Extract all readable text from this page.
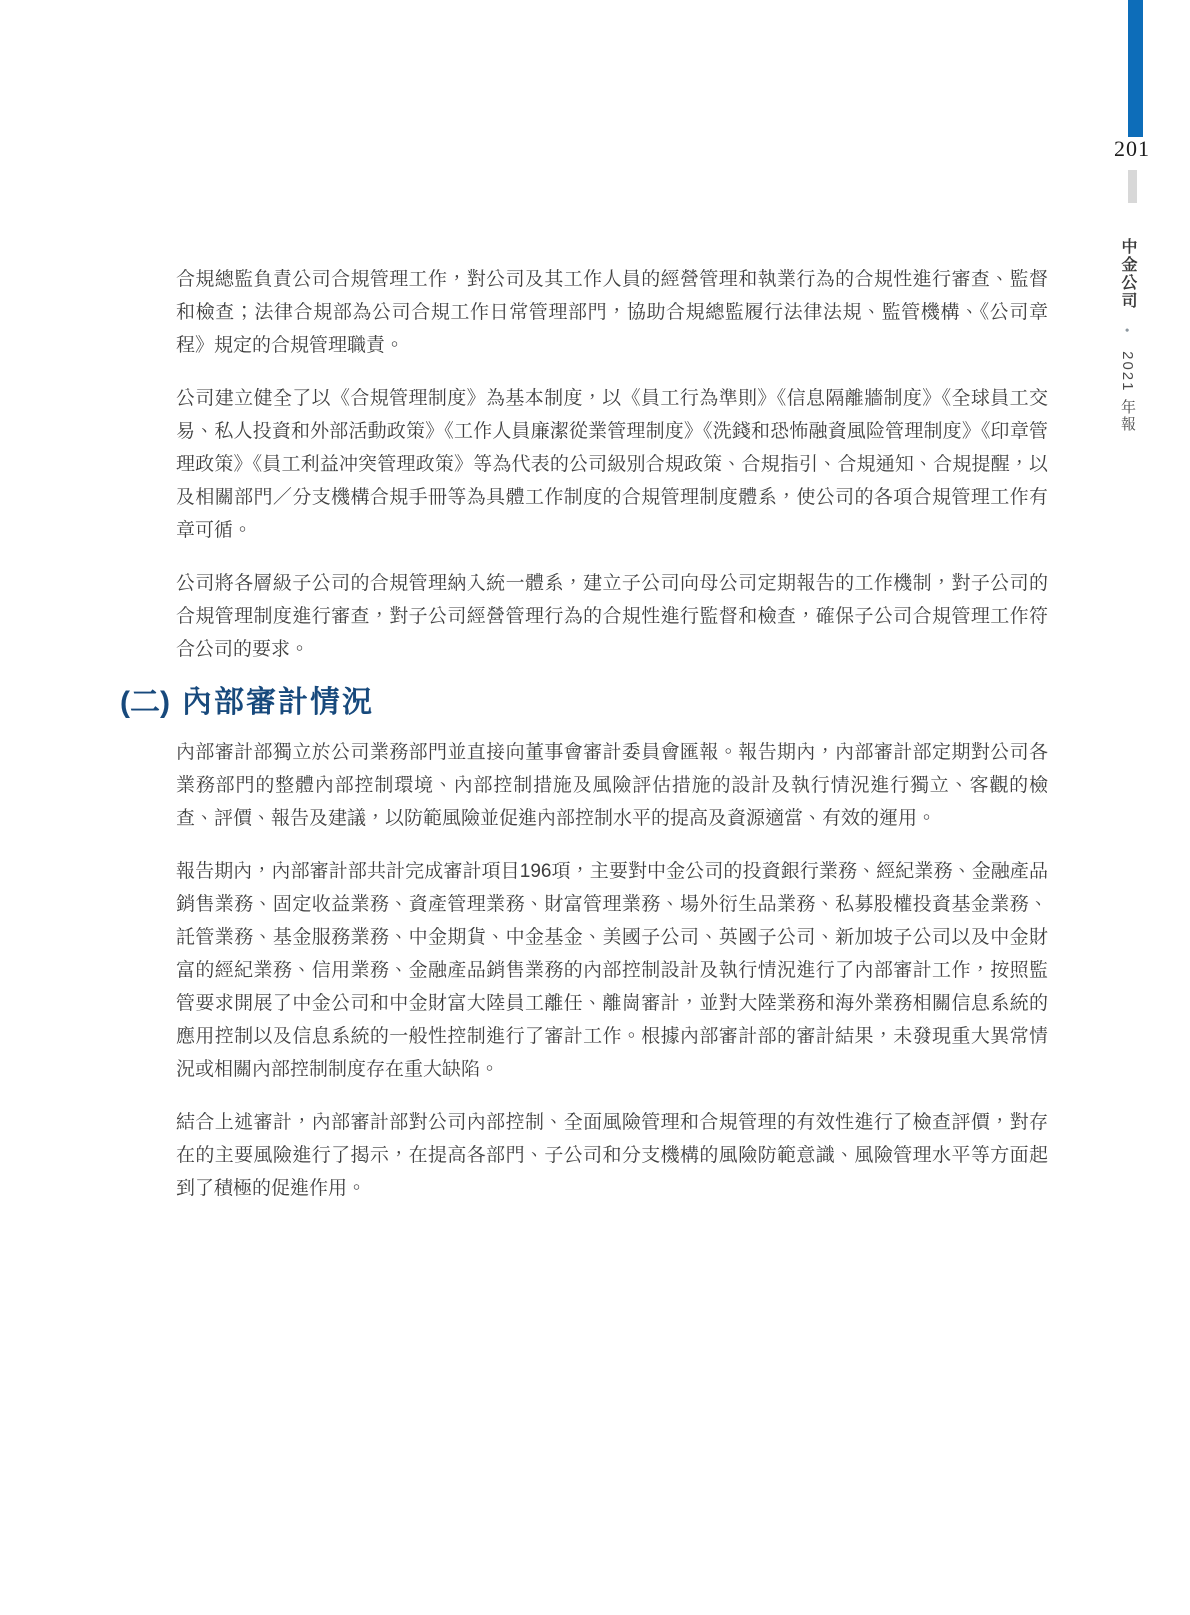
201
中金公司 • 2021 年報

合規總監負責公司合規管理工作，對公司及其工作人員的經營管理和執業行為的合規性進行審查、監督和檢查；法律合規部為公司合規工作日常管理部門，協助合規總監履行法律法規、監管機構、《公司章程》規定的合規管理職責。

公司建立健全了以《合規管理制度》為基本制度，以《員工行為準則》《信息隔離牆制度》《全球員工交易、私人投資和外部活動政策》《工作人員廉潔從業管理制度》《洗錢和恐怖融資風险管理制度》《印章管理政策》《員工利益冲突管理政策》等為代表的公司級別合規政策、合規指引、合規通知、合規提醒，以及相關部門／分支機構合規手冊等為具體工作制度的合規管理制度體系，使公司的各項合規管理工作有章可循。

公司將各層級子公司的合規管理納入統一體系，建立子公司向母公司定期報告的工作機制，對子公司的合規管理制度進行審查，對子公司經營管理行為的合規性進行監督和檢查，確保子公司合規管理工作符合公司的要求。

(二) 內部審計情況

內部審計部獨立於公司業務部門並直接向董事會審計委員會匯報。報告期內，內部審計部定期對公司各業務部門的整體內部控制環境、內部控制措施及風險評估措施的設計及執行情況進行獨立、客觀的檢查、評價、報告及建議，以防範風險並促進內部控制水平的提高及資源適當、有效的運用。

報告期內，內部審計部共計完成審計項目196項，主要對中金公司的投資銀行業務、經紀業務、金融產品銷售業務、固定收益業務、資產管理業務、財富管理業務、場外衍生品業務、私募股權投資基金業務、託管業務、基金服務業務、中金期貨、中金基金、美國子公司、英國子公司、新加坡子公司以及中金財富的經紀業務、信用業務、金融產品銷售業務的內部控制設計及執行情況進行了內部審計工作，按照監管要求開展了中金公司和中金財富大陸員工離任、離崗審計，並對大陸業務和海外業務相關信息系統的應用控制以及信息系統的一般性控制進行了審計工作。根據內部審計部的審計結果，未發現重大異常情況或相關內部控制制度存在重大缺陷。

結合上述審計，內部審計部對公司內部控制、全面風險管理和合規管理的有效性進行了檢查評價，對存在的主要風險進行了揭示，在提高各部門、子公司和分支機構的風險防範意識、風險管理水平等方面起到了積極的促進作用。
